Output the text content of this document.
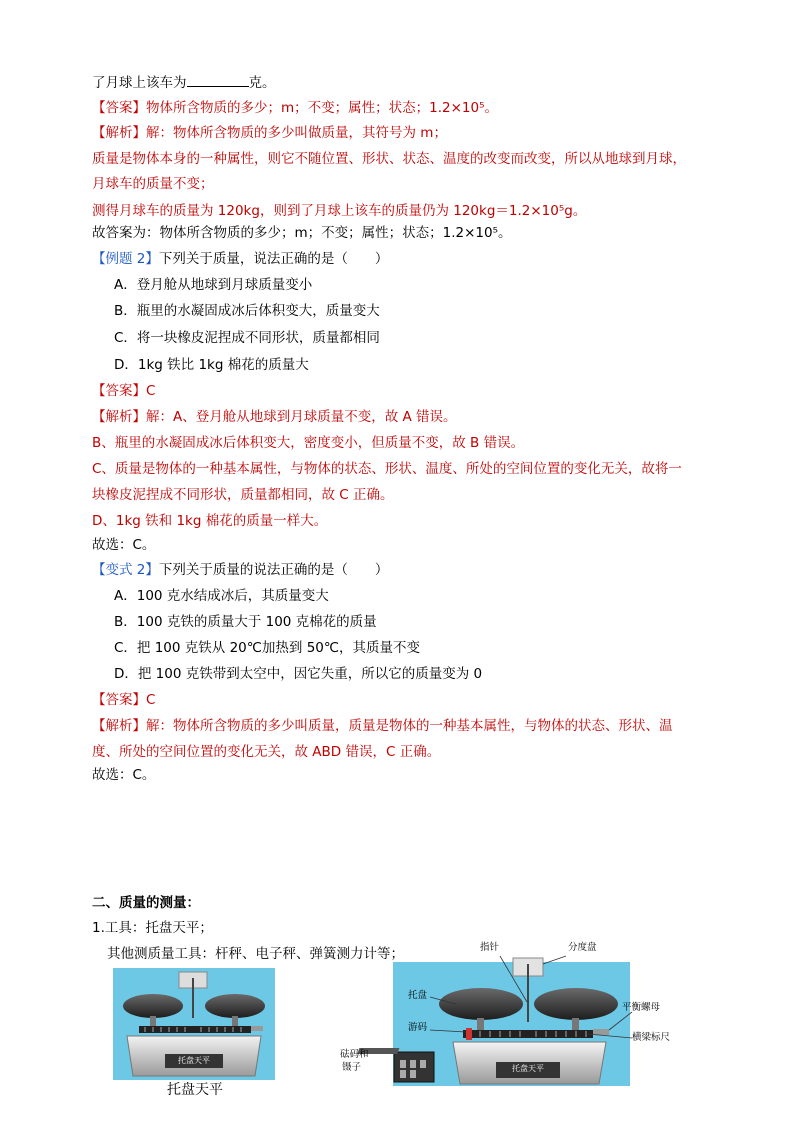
了月球上该车为	克。
【答案】物体所含物质的多少；m；不变；属性；状态；1.2×10⁵。
【解析】解：物体所含物质的多少叫做质量，其符号为 m；
质量是物体本身的一种属性，则它不随位置、形状、状态、温度的改变而改变，所以从地球到月球，
月球车的质量不变；
测得月球车的质量为 120kg，则到了月球上该车的质量仍为 120kg＝1.2×10⁵g。
故答案为：物体所含物质的多少；m；不变；属性；状态；1.2×10⁵。
【例题 2】下列关于质量，说法正确的是（　　）
A．登月舱从地球到月球质量变小
B．瓶里的水凝固成冰后体积变大，质量变大
C．将一块橡皮泥捏成不同形状，质量都相同
D．1kg 铁比 1kg 棉花的质量大
【答案】C
【解析】解：A、登月舱从地球到月球质量不变，故 A 错误。
B、瓶里的水凝固成冰后体积变大，密度变小，但质量不变，故 B 错误。
C、质量是物体的一种基本属性，与物体的状态、形状、温度、所处的空间位置的变化无关，故将一
块橡皮泥捏成不同形状，质量都相同，故 C 正确。
D、1kg 铁和 1kg 棉花的质量一样大。
故选：C。
【变式 2】下列关于质量的说法正确的是（　　）
A．100 克水结成冰后，其质量变大
B．100 克铁的质量大于 100 克棉花的质量
C．把 100 克铁从 20℃加热到 50℃，其质量不变
D．把 100 克铁带到太空中，因它失重，所以它的质量变为 0
【答案】C
【解析】解：物体所含物质的多少叫质量，质量是物体的一种基本属性，与物体的状态、形状、温
度、所处的空间位置的变化无关，故 ABD 错误，C 正确。
故选：C。
二、质量的测量：
1.工具：托盘天平；
其他测质量工具：杆秤、电子秤、弹簧测力计等；
托盘天平
托盘天平
指针	分度盘
托盘
平衡螺母
游码
横梁标尺
砝码和
镊子	托盘天平
